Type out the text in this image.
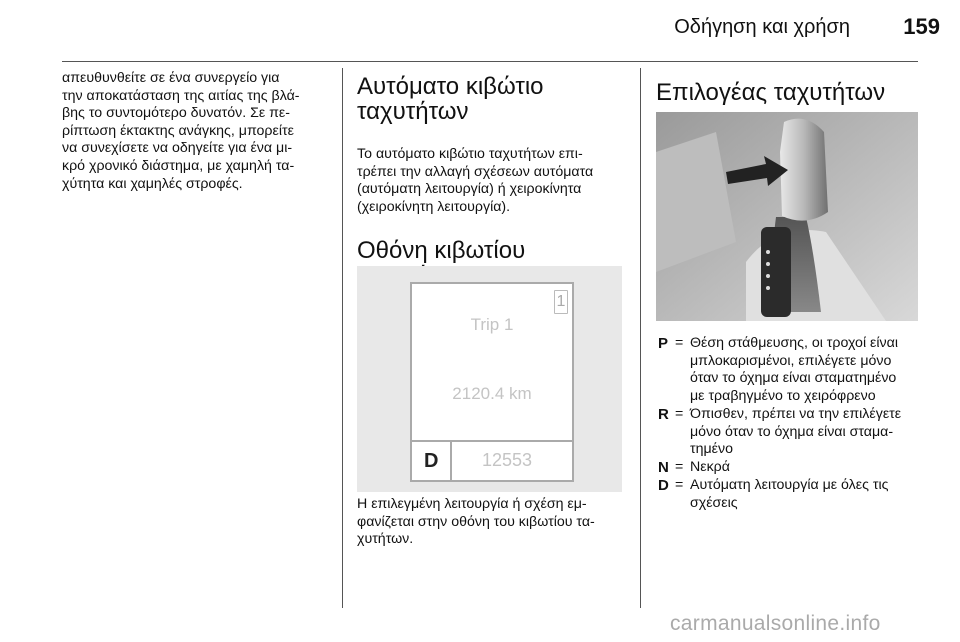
Οδήγηση και χρήση	159

απευθυνθείτε σε ένα συνεργείο για
την αποκατάσταση της αιτίας της βλά-
βης το συντομότερο δυνατόν. Σε πε-
ρίπτωση έκτακτης ανάγκης, μπορείτε
να συνεχίσετε να οδηγείτε για ένα μι-
κρό χρονικό διάστημα, με χαμηλή τα-
χύτητα και χαμηλές στροφές.

Αυτόματο κιβώτιο
ταχυτήτων

Το αυτόματο κιβώτιο ταχυτήτων επι-
τρέπει την αλλαγή σχέσεων αυτόματα
(αυτόματη λειτουργία) ή χειροκίνητα
(χειροκίνητη λειτουργία).

Οθόνη κιβωτίου
1
Trip 1
2120.4 km
D 12553

Η επιλεγμένη λειτουργία ή σχέση εμ-
φανίζεται στην οθόνη του κιβωτίου τα-
χυτήτων.

Επιλογέας ταχυτήτων
P = Θέση στάθμευσης, οι τροχοί είναι
μπλοκαρισμένοι, επιλέγετε μόνο
όταν το όχημα είναι σταματημένο
με τραβηγμένο το χειρόφρενο
R = Όπισθεν, πρέπει να την επιλέγετε
μόνο όταν το όχημα είναι σταμα-
τημένο
N = Νεκρά
D = Αυτόματη λειτουργία με όλες τις
σχέσεις
carmanualsonline.info
